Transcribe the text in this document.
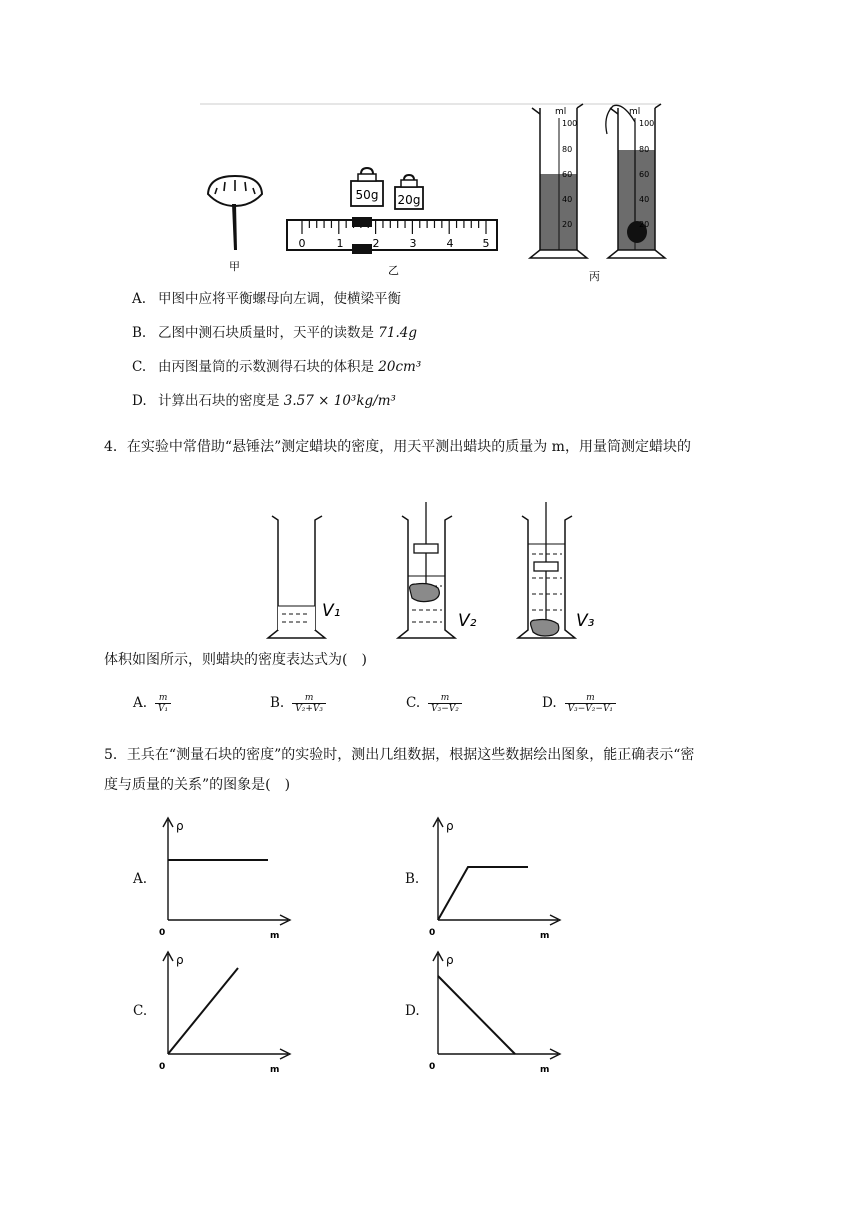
甲
50g 20g
0	1	2	3	4	5
乙
ml
100
80
60
40
20
ml
100
80
60
40
20
丙
A. 甲图中应将平衡螺母向左调，使横梁平衡
B. 乙图中测石块质量时，天平的读数是 71.4g
C. 由丙图量筒的示数测得石块的体积是 20cm³
D. 计算出石块的密度是 3.57 × 10³kg/m³
4．在实验中常借助“悬锤法”测定蜡块的密度，用天平测出蜡块的质量为 m，用量筒测定蜡块的
V₁	V₂	V₃
体积如图所示，则蜡块的密度表达式为(　)
A. $\frac{m}{\text{V₁}}$	B. $\frac{m}{\text{V₂+V₃}}$	C. $\frac{m}{\text{V₃−V₂}}$	D. $\frac{m}{\text{V₃−V₂−V₁}}$
5．王兵在“测量石块的密度”的实验时，测出几组数据，根据这些数据绘出图象，能正确表示“密
度与质量的关系”的图象是(　)
A.	B.
C.	D.
ρ
0	m
ρ
0	m
ρ
0	m
ρ
0	m
